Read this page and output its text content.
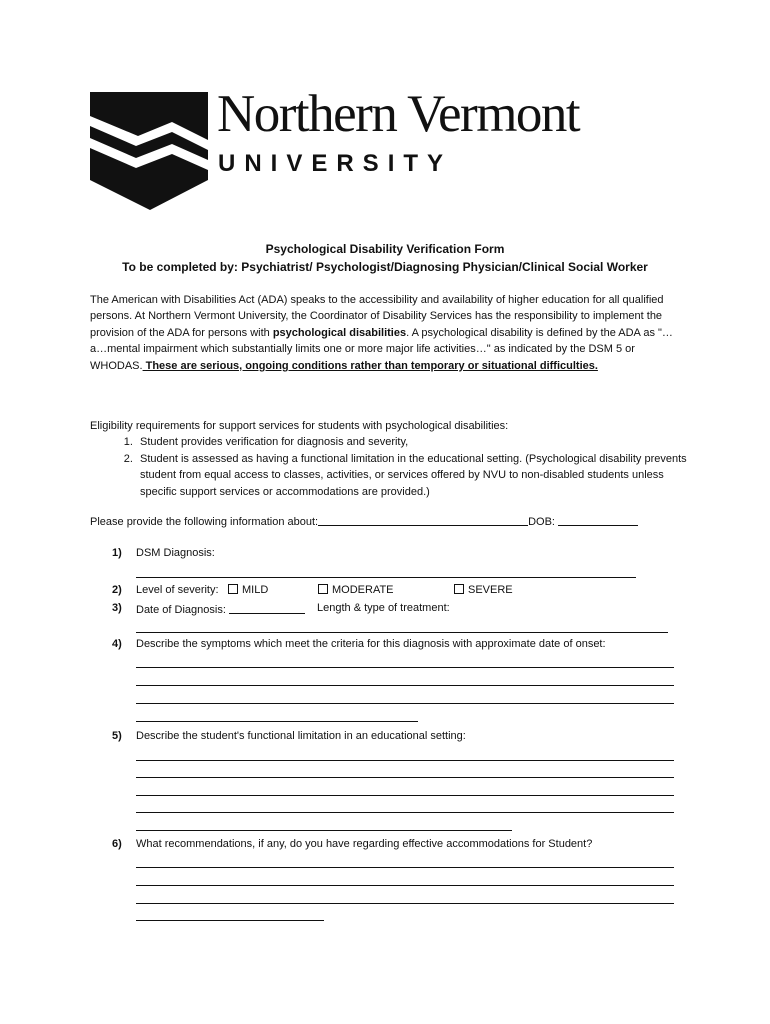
Northern Vermont
UNIVERSITY
Psychological Disability Verification Form
To be completed by: Psychiatrist/ Psychologist/Diagnosing Physician/Clinical Social Worker
The American with Disabilities Act (ADA) speaks to the accessibility and availability of higher education for all qualified persons. At Northern Vermont University, the Coordinator of Disability Services has the responsibility to implement the provision of the ADA for persons with psychological disabilities. A psychological disability is defined by the ADA as "…a…mental impairment which substantially limits one or more major life activities…" as indicated by the DSM 5 or WHODAS. These are serious, ongoing conditions rather than temporary or situational difficulties.
Eligibility requirements for support services for students with psychological disabilities:
1. Student provides verification for diagnosis and severity,
2. Student is assessed as having a functional limitation in the educational setting. (Psychological disability prevents student from equal access to classes, activities, or services offered by NVU to non-disabled students unless specific support services or accommodations are provided.)
Please provide the following information about:	DOB:
1) DSM Diagnosis:
2) Level of severity:	MILD	MODERATE	SEVERE
3) Date of Diagnosis:	Length & type of treatment:
4) Describe the symptoms which meet the criteria for this diagnosis with approximate date of onset:
5) Describe the student's functional limitation in an educational setting:
6) What recommendations, if any, do you have regarding effective accommodations for Student?
